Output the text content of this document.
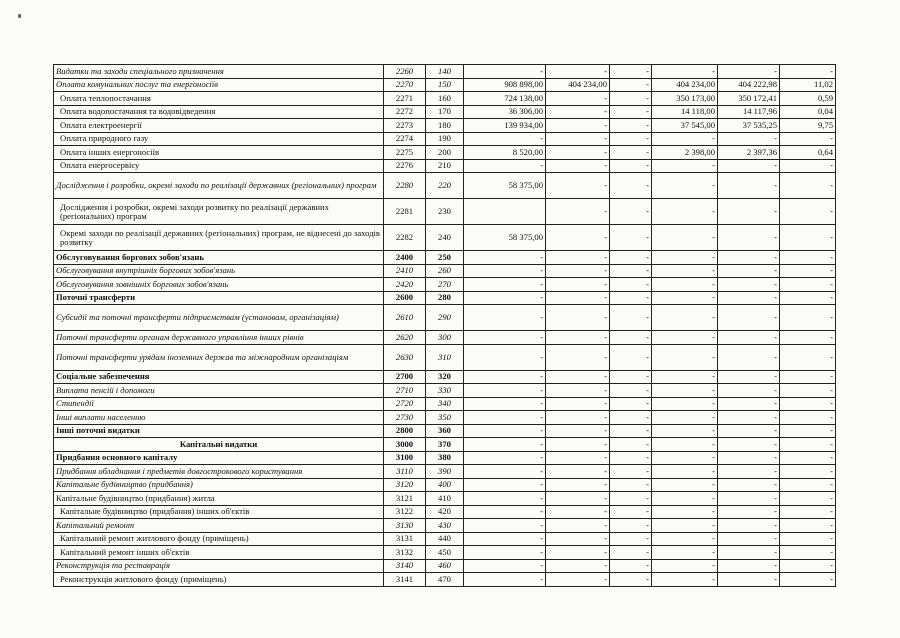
Видатки та заходи спеціального призначення	2260	140	-	-	-	-	-	-
Оплата комунальних послуг та енергоносіїв	2270	150	908 898,00	404 234,00	-	404 234,00	404 222,98	11,02
Оплата теплопостачання	2271	160	724 138,00	-	-	350 173,00	350 172,41	0,59
Оплата водопостачання та водовідведення	2272	170	36 306,00	-	-	14 118,00	14 117,96	0,04
Оплата електроенергії	2273	180	139 934,00	-	-	37 545,00	37 535,25	9,75
Оплата природного газу	2274	190	-	-	-	-	-	-
Оплата інших енергоносіїв	2275	200	8 520,00	-	-	2 398,00	2 397,36	0,64
Оплата енергосервісу	2276	210	-	-	-	-	-	-
Дослідження і розробки, окремі заходи по реалізації державних (регіональних) програм	2280	220	58 375,00	-	-	-	-	-
Дослідження і розробки, окремі заходи розвитку по реалізації державних (регіональних) програм	2281	230		-	-	-	-	-
Окремі заходи по реалізації державних (регіональних) програм, не віднесені до заходів розвитку	2282	240	58 375,00	-	-	-	-	-
Обслуговування боргових зобов'язань	2400	250	-	-	-	-	-	-
Обслуговування внутрішніх боргових зобов'язань	2410	260	-	-	-	-	-	-
Обслуговування зовнішніх боргових зобов'язань	2420	270	-	-	-	-	-	-
Поточні трансферти	2600	280	-	-	-	-	-	-
Субсидії та поточні трансферти підприємствам (установам, організаціям)	2610	290	-	-	-	-	-	-
Поточні трансферти органам державного управління інших рівнів	2620	300	-	-	-	-	-	-
Поточні трансферти урядам іноземних держав та міжнародним організаціям	2630	310	-	-	-	-	-	-
Соціальне забезпечення	2700	320	-	-	-	-	-	-
Виплата пенсій і допомоги	2710	330	-	-	-	-	-	-
Стипендії	2720	340	-	-	-	-	-	-
Інші виплати населенню	2730	350	-	-	-	-	-	-
Інші поточні видатки	2800	360	-	-	-	-	-	-
Капітальні видатки	3000	370	-	-	-	-	-	-
Придбання основного капіталу	3100	380	-	-	-	-	-	-
Придбання обладнання і предметів довгострокового користування	3110	390	-	-	-	-	-	-
Капітальне будівництво (придбання)	3120	400	-	-	-	-	-	-
Капітальне будівництво (придбання) житла	3121	410	-	-	-	-	-	-
Капітальне будівництво (придбання) інших об'єктів	3122	420	-	-	-	-	-	-
Капітальний ремонт	3130	430	-	-	-	-	-	-
Капітальний ремонт житлового фонду (приміщень)	3131	440	-	-	-	-	-	-
Капітальний ремонт інших об'єктів	3132	450	-	-	-	-	-	-
Реконструкція та реставрація	3140	460	-	-	-	-	-	-
Реконструкція житлового фонду (приміщень)	3141	470	-	-	-	-	-	-
